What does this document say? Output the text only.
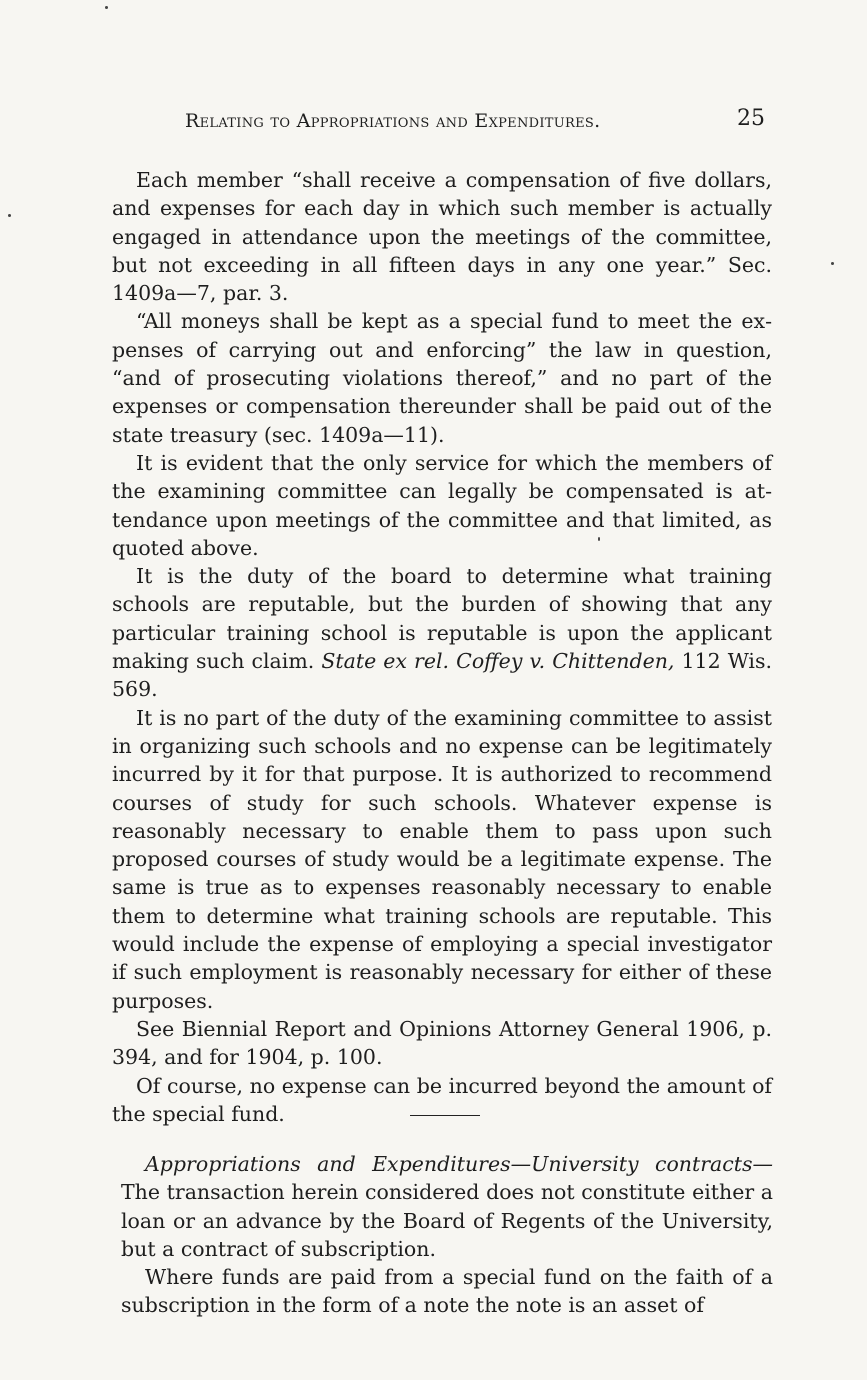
Relating to Appropriations and Expenditures.	25

Each member “shall receive a compensation of five dollars, and expenses for each day in which such member is actually engaged in attendance upon the meetings of the committee, but not exceeding in all fifteen days in any one year.” Sec. 1409a—7, par. 3.

“All moneys shall be kept as a special fund to meet the expenses of carrying out and enforcing” the law in question, “and of prosecuting violations thereof,” and no part of the expenses or compensation thereunder shall be paid out of the state treasury (sec. 1409a—11).

It is evident that the only service for which the members of the examining committee can legally be compensated is attendance upon meetings of the committee and that limited, as quoted above.

It is the duty of the board to determine what training schools are reputable, but the burden of showing that any particular training school is reputable is upon the applicant making such claim. State ex rel. Coffey v. Chittenden, 112 Wis. 569.

It is no part of the duty of the examining committee to assist in organizing such schools and no expense can be legitimately incurred by it for that purpose. It is authorized to recommend courses of study for such schools. Whatever expense is reasonably necessary to enable them to pass upon such proposed courses of study would be a legitimate expense. The same is true as to expenses reasonably necessary to enable them to determine what training schools are reputable. This would include the expense of employing a special investigator if such employment is reasonably necessary for either of these purposes.

See Biennial Report and Opinions Attorney General 1906, p. 394, and for 1904, p. 100.

Of course, no expense can be incurred beyond the amount of the special fund.

Appropriations and Expenditures—University contracts—The transaction herein considered does not constitute either a loan or an advance by the Board of Regents of the University, but a contract of subscription.

Where funds are paid from a special fund on the faith of a subscription in the form of a note the note is an asset of
